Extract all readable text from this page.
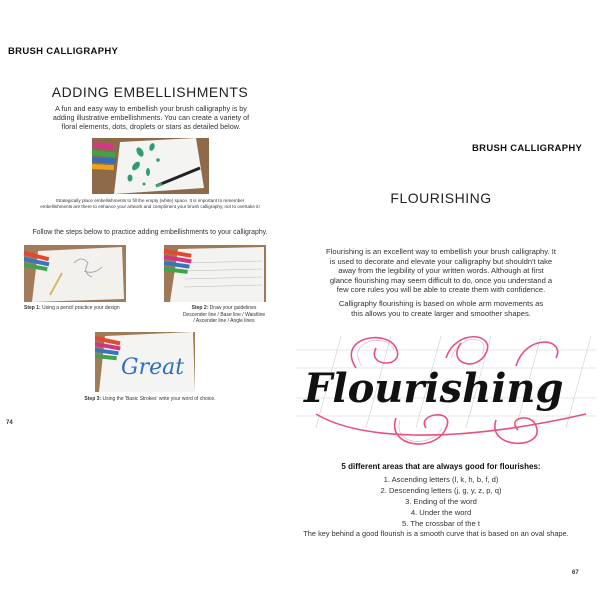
BRUSH CALLIGRAPHY
ADDING EMBELLISHMENTS
A fun and easy way to embellish your brush calligraphy is by
adding illustrative embellishments. You can create a variety of
floral elements, dots, droplets or stars as detailed below.
Strategically place embellishments to fill the empty (white) space. It is important to remember
embellishments are there to enhance your artwork and compliment your brush calligraphy, not to overtake it!
Follow the steps below to practice adding embellishments to your calligraphy.
Step 1: Using a pencil practice your design	Step 2: Draw your guidelines
Descender line / Base line / Waistline
/ Ascender line / Angle lines
Great
Step 3: Using the 'Basic Strokes' write your word of choice.
74
BRUSH CALLIGRAPHY
FLOURISHING
Flourishing is an excellent way to embellish your brush calligraphy. It
is used to decorate and elevate your calligraphy but shouldn't take
away from the legibility of your written words. Although at first
glance flourishing may seem difficult to do, once you understand a
few core rules you will be able to create them with confidence.
Calligraphy flourishing is based on whole arm movements as
this allows you to create larger and smoother shapes.
Flourishing
5 different areas that are always good for flourishes:
1. Ascending letters (l, k, h, b, f, d)
2. Descending letters (j, g, y, z, p, q)
3. Ending of the word
4. Under the word
5. The crossbar of the t
The key behind a good flourish is a smooth curve that is based on an oval shape.
67
